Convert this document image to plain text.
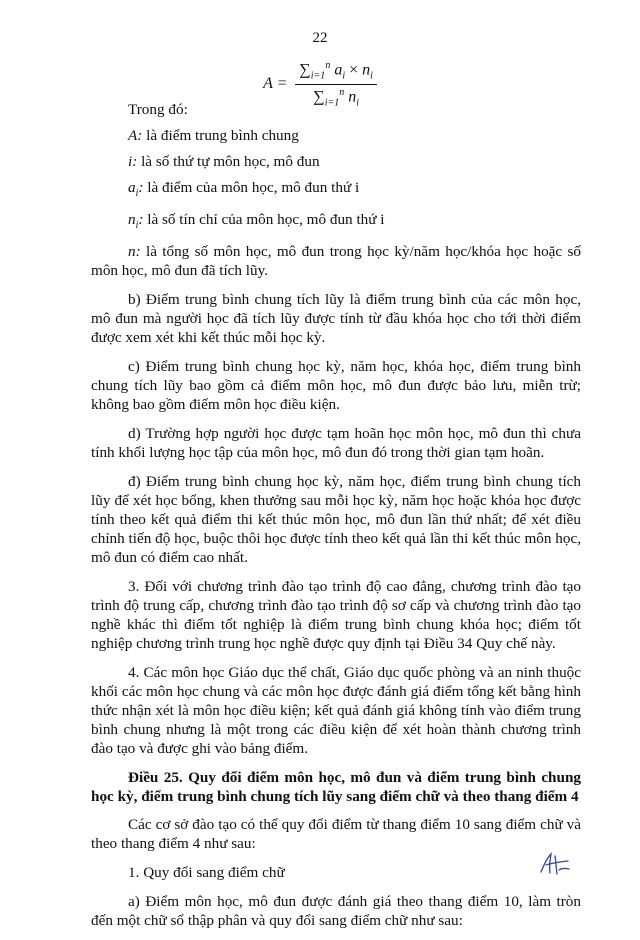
22
$A = \frac{\sum_{i=1}^n a_i \times n_i}{\sum_{i=1}^n n_i}$

Trong đó:

A: là điểm trung bình chung

i: là số thứ tự môn học, mô đun

$a_i$: là điểm của môn học, mô đun thứ i

$n_i$: là số tín chỉ của môn học, mô đun thứ i

n: là tổng số môn học, mô đun trong học kỳ/năm học/khóa học hoặc số môn học, mô đun đã tích lũy.

b) Điểm trung bình chung tích lũy là điểm trung bình của các môn học, mô đun mà người học đã tích lũy được tính từ đầu khóa học cho tới thời điểm được xem xét khi kết thúc mỗi học kỳ.

c) Điểm trung bình chung học kỳ, năm học, khóa học, điểm trung bình chung tích lũy bao gồm cả điểm môn học, mô đun được bảo lưu, miễn trừ; không bao gồm điểm môn học điều kiện.

d) Trường hợp người học được tạm hoãn học môn học, mô đun thì chưa tính khối lượng học tập của môn học, mô đun đó trong thời gian tạm hoãn.

đ) Điểm trung bình chung học kỳ, năm học, điểm trung bình chung tích lũy để xét học bổng, khen thưởng sau mỗi học kỳ, năm học hoặc khóa học được tính theo kết quả điểm thi kết thúc môn học, mô đun lần thứ nhất; để xét điều chỉnh tiến độ học, buộc thôi học được tính theo kết quả lần thi kết thúc môn học, mô đun có điểm cao nhất.

3. Đối với chương trình đào tạo trình độ cao đẳng, chương trình đào tạo trình độ trung cấp, chương trình đào tạo trình độ sơ cấp và chương trình đào tạo nghề khác thì điểm tốt nghiệp là điểm trung bình chung khóa học; điểm tốt nghiệp chương trình trung học nghề được quy định tại Điều 34 Quy chế này.

4. Các môn học Giáo dục thể chất, Giáo dục quốc phòng và an ninh thuộc khối các môn học chung và các môn học được đánh giá điểm tổng kết bằng hình thức nhận xét là môn học điều kiện; kết quả đánh giá không tính vào điểm trung bình chung nhưng là một trong các điều kiện để xét hoàn thành chương trình đào tạo và được ghi vào bảng điểm.

Điều 25. Quy đổi điểm môn học, mô đun và điểm trung bình chung học kỳ, điểm trung bình chung tích lũy sang điểm chữ và theo thang điểm 4

Các cơ sở đào tạo có thể quy đổi điểm từ thang điểm 10 sang điểm chữ và theo thang điểm 4 như sau:

1. Quy đổi sang điểm chữ

a) Điểm môn học, mô đun được đánh giá theo thang điểm 10, làm tròn đến một chữ số thập phân và quy đổi sang điểm chữ như sau:
